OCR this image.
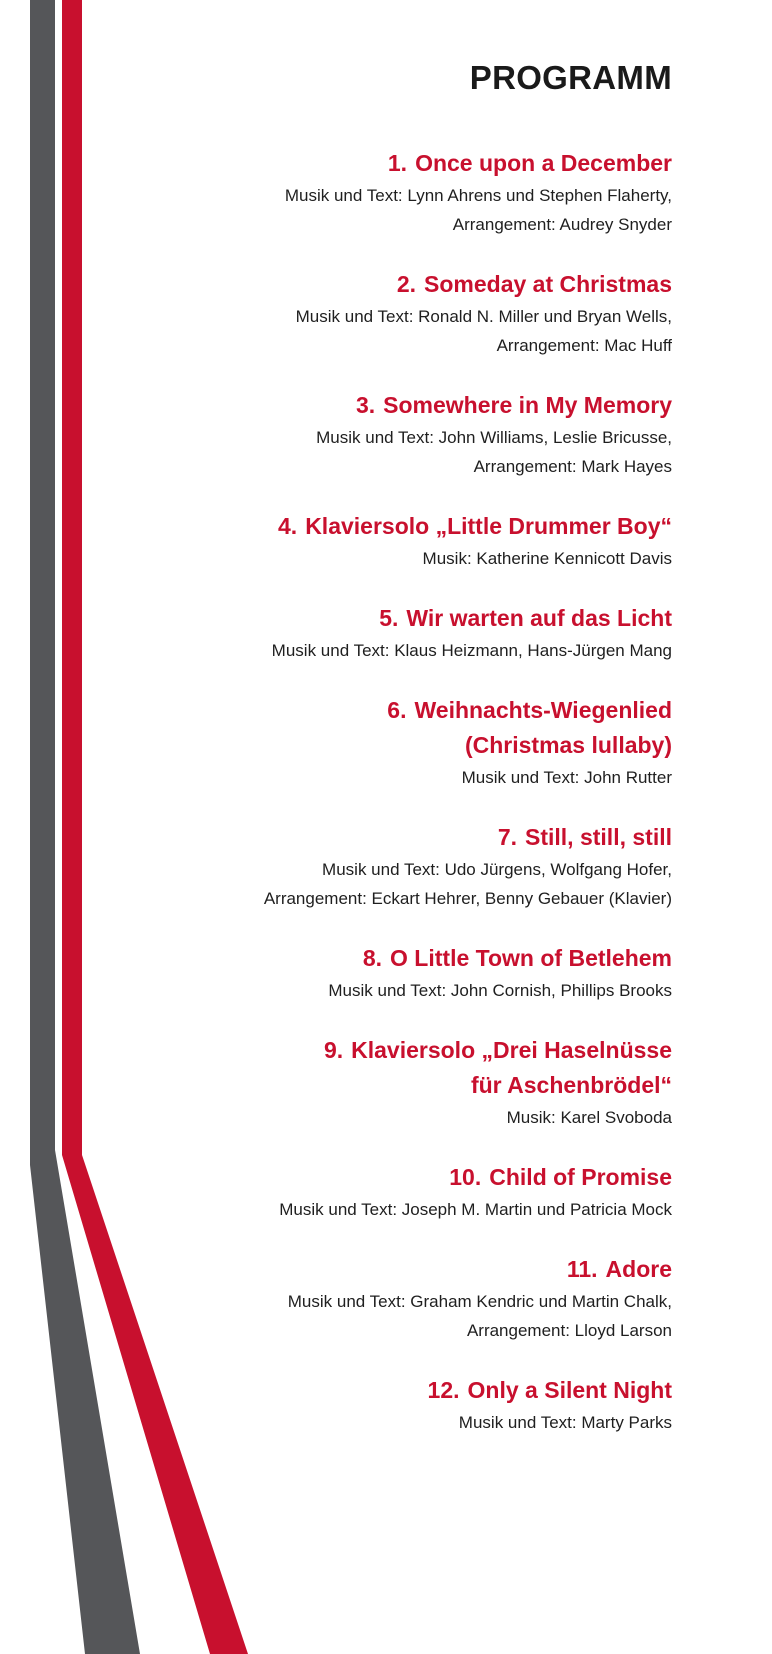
PROGRAMM
1. Once upon a December
Musik und Text: Lynn Ahrens und Stephen Flaherty,
Arrangement: Audrey Snyder
2. Someday at Christmas
Musik und Text: Ronald N. Miller und Bryan Wells,
Arrangement: Mac Huff
3. Somewhere in My Memory
Musik und Text: John Williams, Leslie Bricusse,
Arrangement: Mark Hayes
4. Klaviersolo „Little Drummer Boy“
Musik: Katherine Kennicott Davis
5. Wir warten auf das Licht
Musik und Text: Klaus Heizmann, Hans-Jürgen Mang
6. Weihnachts-Wiegenlied
(Christmas lullaby)
Musik und Text: John Rutter
7. Still, still, still
Musik und Text: Udo Jürgens, Wolfgang Hofer,
Arrangement: Eckart Hehrer, Benny Gebauer (Klavier)
8. O Little Town of Betlehem
Musik und Text: John Cornish, Phillips Brooks
9. Klaviersolo „Drei Haselnüsse
für Aschenbrödel“
Musik: Karel Svoboda
10. Child of Promise
Musik und Text: Joseph M. Martin und Patricia Mock
11. Adore
Musik und Text: Graham Kendric und Martin Chalk,
Arrangement: Lloyd Larson
12. Only a Silent Night
Musik und Text: Marty Parks
